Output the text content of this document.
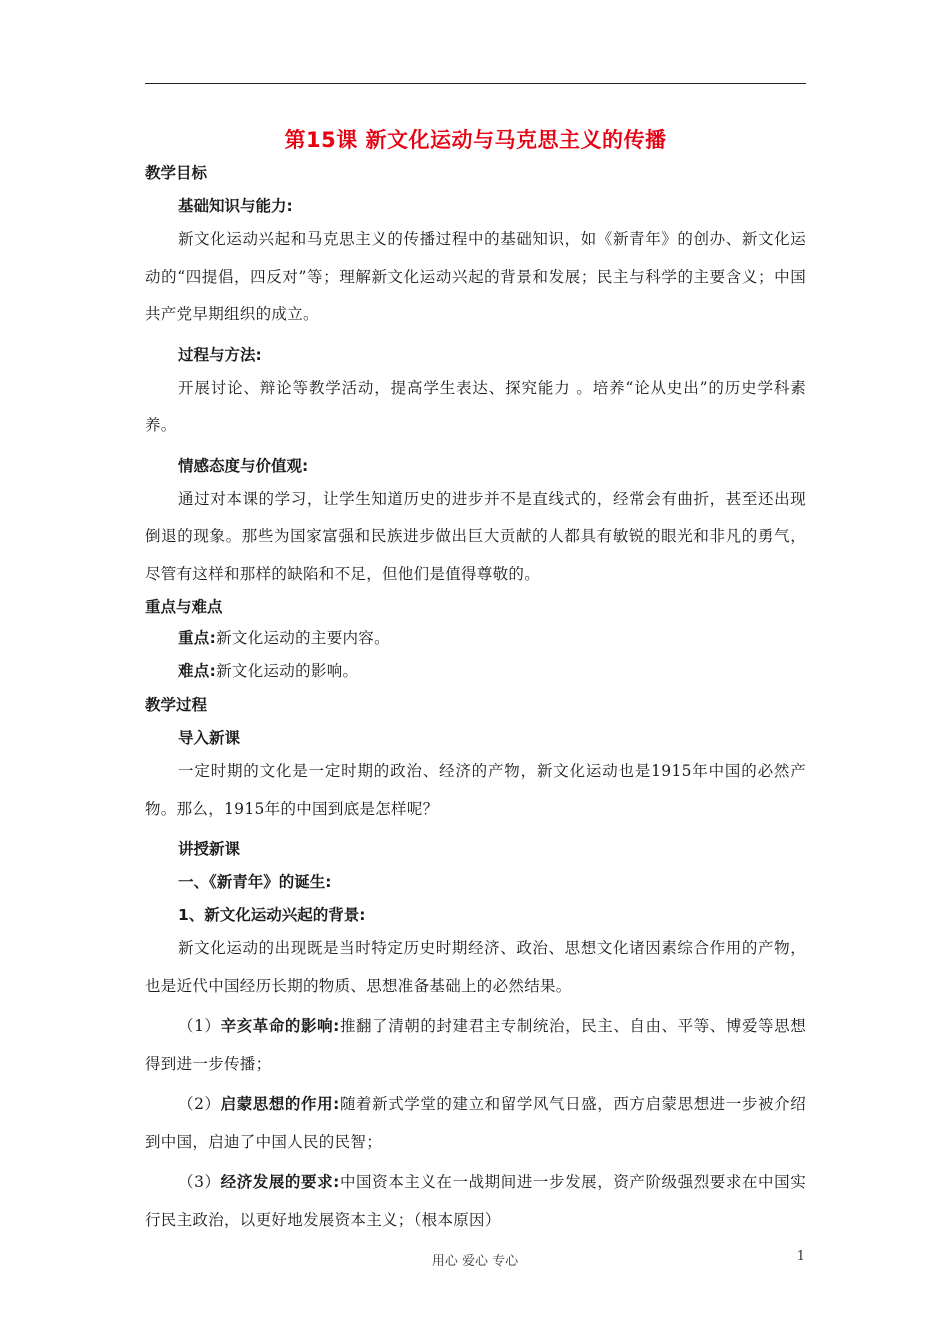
第15课 新文化运动与马克思主义的传播
教学目标
基础知识与能力:
新文化运动兴起和马克思主义的传播过程中的基础知识，如《新青年》的创办、新文化运动的“四提倡，四反对”等；理解新文化运动兴起的背景和发展；民主与科学的主要含义；中国共产党早期组织的成立。
过程与方法:
开展讨论、辩论等教学活动，提高学生表达、探究能力 。培养“论从史出”的历史学科素养。
情感态度与价值观:
通过对本课的学习，让学生知道历史的进步并不是直线式的，经常会有曲折，甚至还出现倒退的现象。那些为国家富强和民族进步做出巨大贡献的人都具有敏锐的眼光和非凡的勇气，尽管有这样和那样的缺陷和不足，但他们是值得尊敬的。
重点与难点
重点:新文化运动的主要内容。
难点:新文化运动的影响。
教学过程
导入新课
一定时期的文化是一定时期的政治、经济的产物，新文化运动也是1915年中国的必然产物。那么，1915年的中国到底是怎样呢？
讲授新课
一、《新青年》的诞生:
1、新文化运动兴起的背景:
新文化运动的出现既是当时特定历史时期经济、政治、思想文化诸因素综合作用的产物，也是近代中国经历长期的物质、思想准备基础上的必然结果。
（1）辛亥革命的影响:推翻了清朝的封建君主专制统治，民主、自由、平等、博爱等思想得到进一步传播；
（2）启蒙思想的作用:随着新式学堂的建立和留学风气日盛，西方启蒙思想进一步被介绍到中国，启迪了中国人民的民智；
（3）经济发展的要求:中国资本主义在一战期间进一步发展，资产阶级强烈要求在中国实行民主政治，以更好地发展资本主义；（根本原因）
用心 爱心 专心	1
